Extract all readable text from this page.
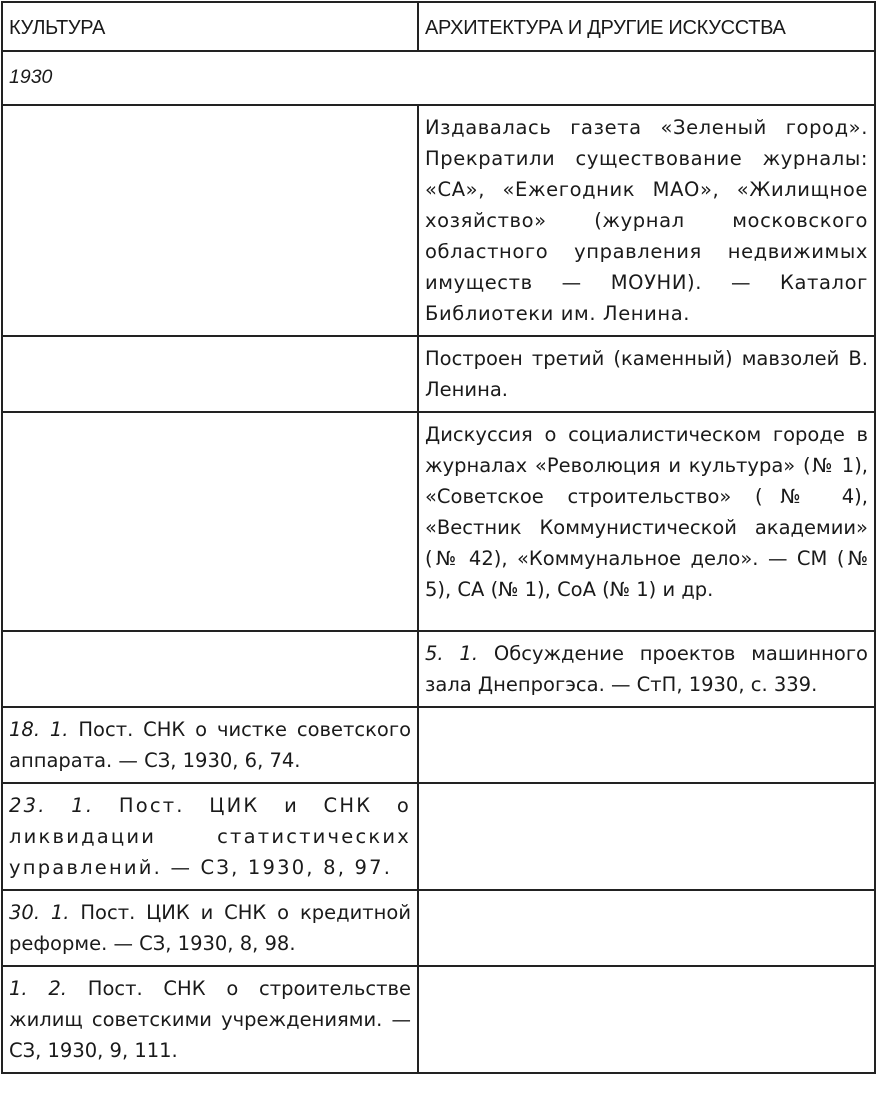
КУЛЬТУРА	АРХИТЕКТУРА И ДРУГИЕ ИСКУССТВА
1930	
	Издавалась газета «Зеленый город». Прекратили существование журналы: «СА», «Ежегодник МАО», «Жилищное хозяйство» (журнал московского областного управления недвижимых имуществ — МОУНИ). — Каталог Библиотеки им. Ленина.
	Построен третий (каменный) мавзолей В. Ленина.
	Дискуссия о социалистическом городе в журналах «Революция и культура» (№ 1), «Советское строительство» (№ 4), «Вестник Коммунистической академии» (№ 42), «Коммунальное дело». — СМ (№ 5), СА (№ 1), СоА (№ 1) и др.
	5. 1. Обсуждение проектов машинного зала Днепрогэса. — СтП, 1930, с. 339.
18. 1. Пост. СНК о чистке советского аппарата. — СЗ, 1930, 6, 74.	
23. 1. Пост. ЦИК и СНК о ликвидации статистических управлений. — СЗ, 1930, 8, 97.	
30. 1. Пост. ЦИК и СНК о кредитной реформе. — СЗ, 1930, 8, 98.	
1. 2. Пост. СНК о строительстве жилищ советскими учреждениями. — СЗ, 1930, 9, 111.	
